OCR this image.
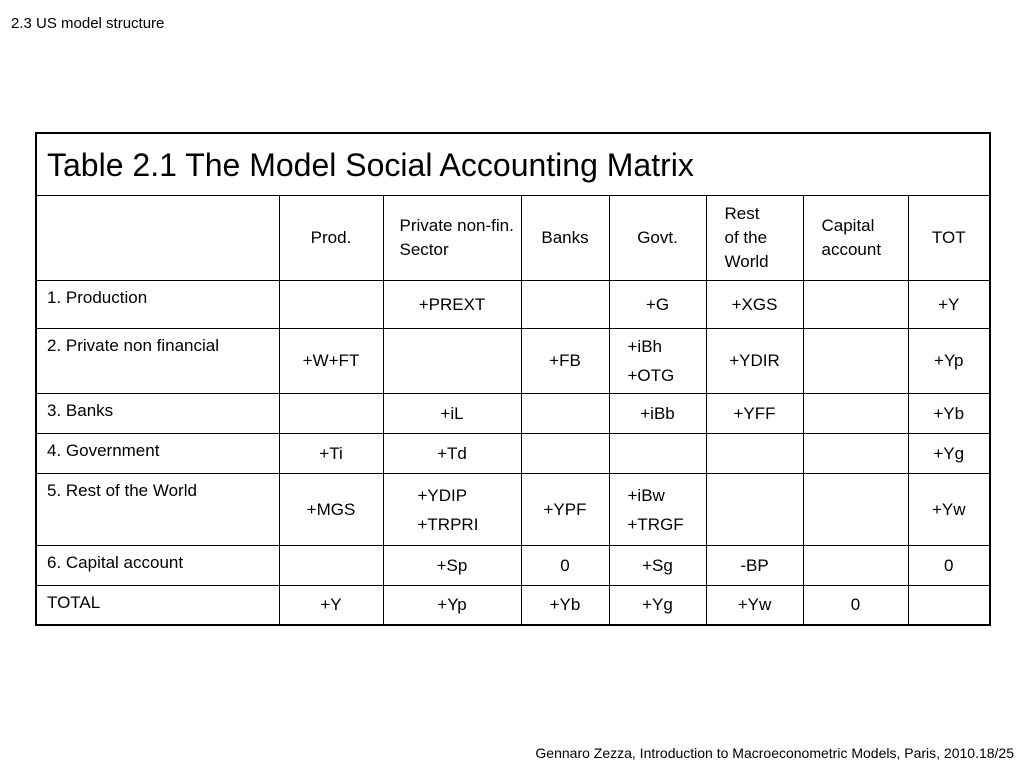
2.3 US model structure
Table 2.1 The Model Social Accounting Matrix							
	Prod.	Private non-fin. Sector	Banks	Govt.	Rest of the World	Capital account	TOT
1. Production		+PREXT		+G	+XGS		+Y
2. Private non financial	+W+FT		+FB	+iBh
+OTG	+YDIR		+Yp
3. Banks		+iL		+iBb	+YFF		+Yb
4. Government	+Ti	+Td					+Yg
5. Rest of the World	+MGS	+YDIP
+TRPRI	+YPF	+iBw
+TRGF			+Yw
6. Capital account		+Sp	0	+Sg	-BP		0
TOTAL	+Y	+Yp	+Yb	+Yg	+Yw	0	
Gennaro Zezza, Introduction to Macroeconometric Models, Paris, 2010.18/25
